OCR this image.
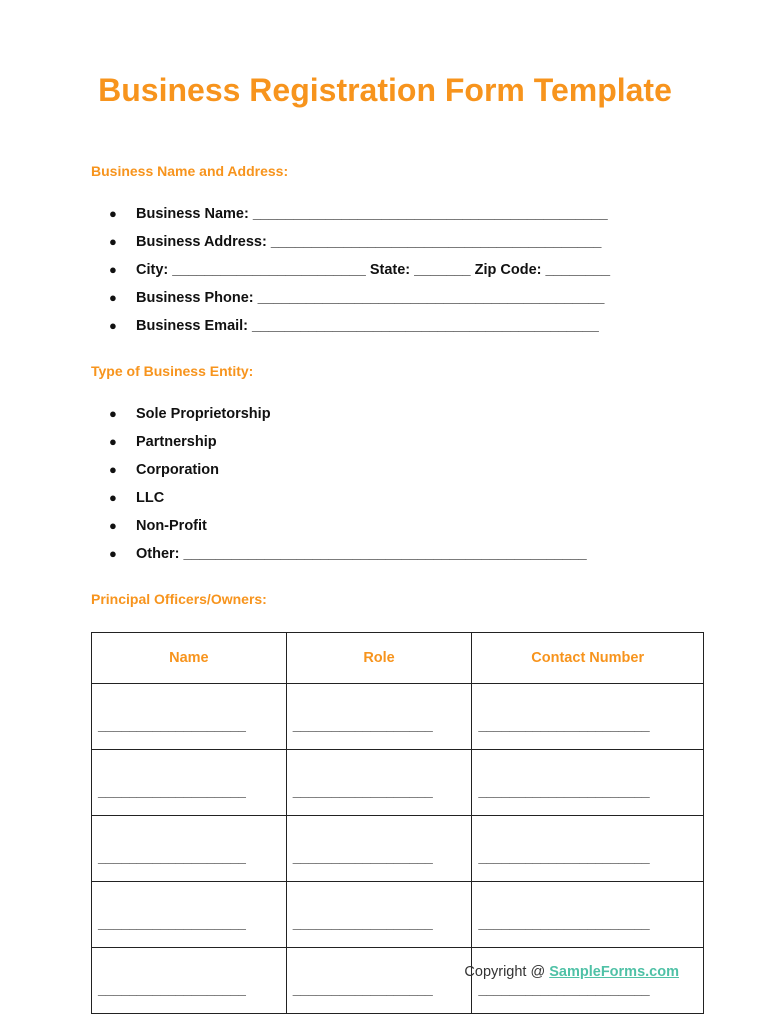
Business Registration Form Template
Business Name and Address:
● Business Name: ____________________________________________
● Business Address: _________________________________________
● City: ________________________ State: _______ Zip Code: ________
● Business Phone: ___________________________________________
● Business Email: ___________________________________________
Type of Business Entity:
● Sole Proprietorship
● Partnership
● Corporation
● LLC
● Non-Profit
● Other: __________________________________________________
Principal Officers/Owners:
Name	Role	Contact Number
___________________	__________________	______________________
___________________	__________________	______________________
___________________	__________________	______________________
___________________	__________________	______________________
___________________	__________________	______________________
Copyright @ SampleForms.com
